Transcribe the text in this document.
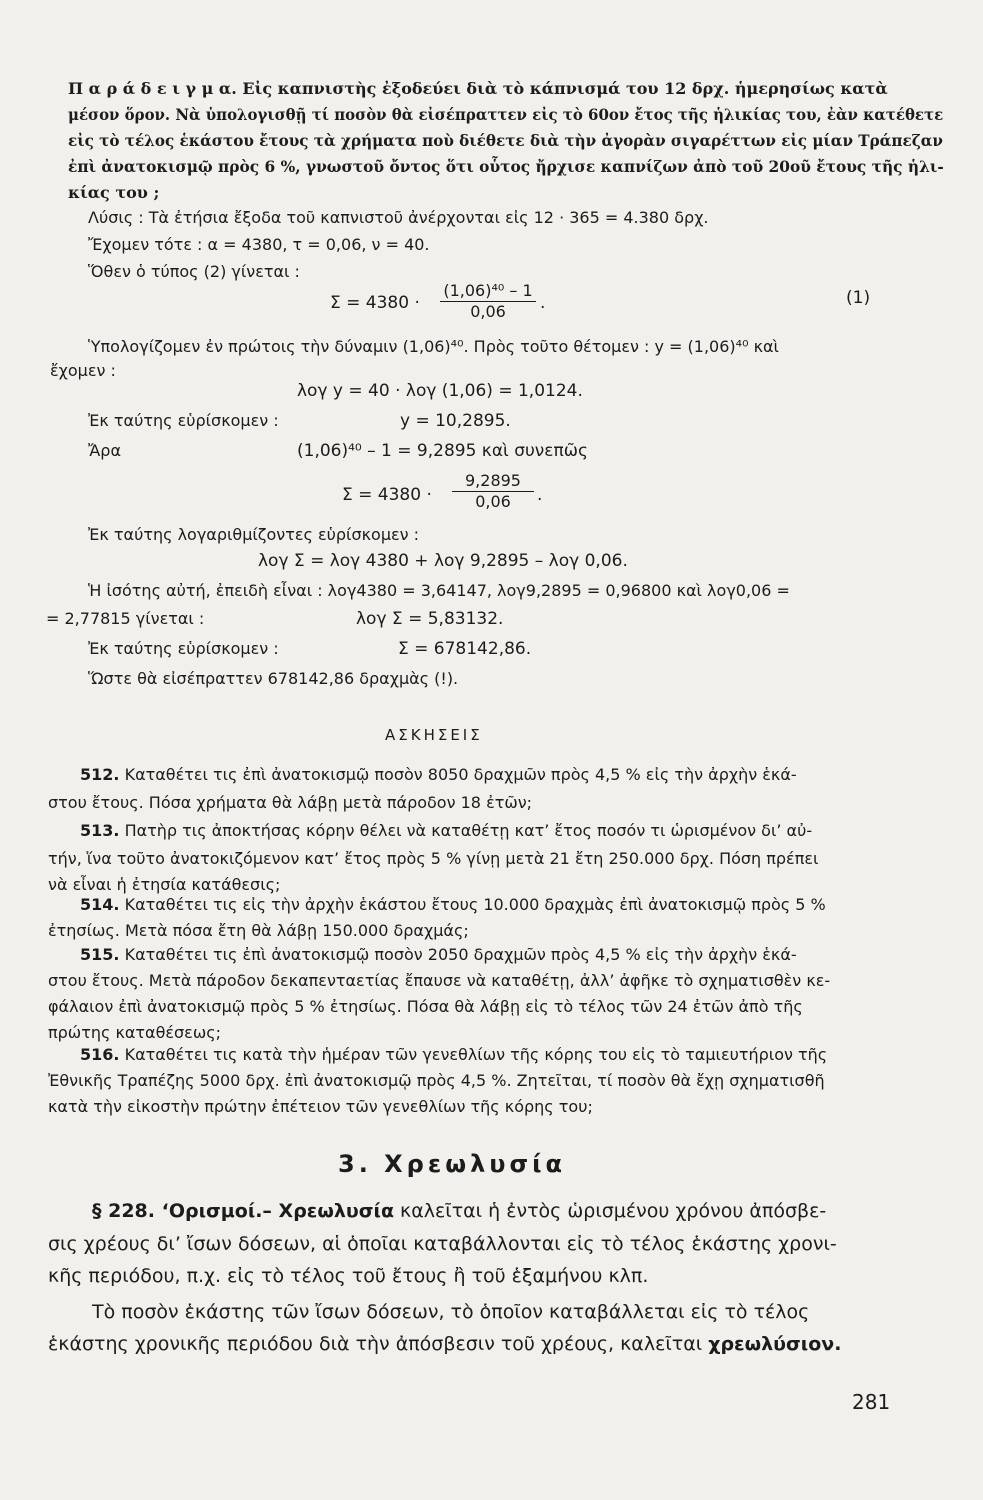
Π α ρ ά δ ε ι γ μ α. Εἰς καπνιστὴς ἐξοδεύει διὰ τὸ κάπνισμά του 12 δρχ. ἡμερησίως κατὰ
μέσον ὅρον. Νὰ ὑπολογισθῇ τί ποσὸν θὰ εἰσέπραττεν εἰς τὸ 60ον ἔτος τῆς ἡλικίας του, ἐὰν κατέθετε
εἰς τὸ τέλος ἑκάστου ἔτους τὰ χρήματα ποὺ διέθετε διὰ τὴν ἀγορὰν σιγαρέττων εἰς μίαν Τράπεζαν
ἐπὶ ἀνατοκισμῷ πρὸς 6 %, γνωστοῦ ὄντος ὅτι οὗτος ἤρχισε καπνίζων ἀπὸ τοῦ 20οῦ ἔτους τῆς ἡλι-
κίας του ;
Λύσις : Τὰ ἐτήσια ἔξοδα τοῦ καπνιστοῦ ἀνέρχονται εἰς 12 · 365 = 4.380 δρχ.
Ἔχομεν τότε : α = 4380, τ = 0,06, ν = 40.
Ὅθεν ὁ τύπος (2) γίνεται :
$\Sigma = 4380 \cdot \frac{\text{(1,06)⁴⁰ – 1}}{0,06}$ .	(1)
Ὑπολογίζομεν ἐν πρώτοις τὴν δύναμιν (1,06)⁴⁰. Πρὸς τοῦτο θέτομεν : y = (1,06)⁴⁰ καὶ
ἔχομεν :
λογ y = 40 · λογ (1,06) = 1,0124.
Ἐκ ταύτης εὑρίσκομεν :	y = 10,2895.
Ἄρα	(1,06)⁴⁰ – 1 = 9,2895 καὶ συνεπῶς
$\Sigma = 4380 \cdot \frac{9,2895}{0,06}$ .
Ἐκ ταύτης λογαριθμίζοντες εὑρίσκομεν :
λογ Σ = λογ 4380 + λογ 9,2895 – λογ 0,06.
Ἡ ἰσότης αὐτή, ἐπειδὴ εἶναι : λογ4380 = 3,64147, λογ9,2895 = 0,96800 καὶ λογ0,06 =
= 2,77815 γίνεται :	λογ Σ = 5,83132.
Ἐκ ταύτης εὑρίσκομεν :	Σ = 678142,86.
Ὥστε θὰ εἰσέπραττεν 678142,86 δραχμὰς (!).
ΑΣΚΗΣΕΙΣ
512. Καταθέτει τις ἐπὶ ἀνατοκισμῷ ποσὸν 8050 δραχμῶν πρὸς 4,5 % εἰς τὴν ἀρχὴν ἑκά-
στου ἔτους. Πόσα χρήματα θὰ λάβῃ μετὰ πάροδον 18 ἐτῶν;
513. Πατὴρ τις ἀποκτήσας κόρην θέλει νὰ καταθέτῃ κατ’ ἔτος ποσόν τι ὡρισμένον δι’ αὐ-
τήν, ἵνα τοῦτο ἀνατοκιζόμενον κατ’ ἔτος πρὸς 5 % γίνῃ μετὰ 21 ἔτη 250.000 δρχ. Πόση πρέπει
νὰ εἶναι ἡ ἐτησία κατάθεσις;
514. Καταθέτει τις εἰς τὴν ἀρχὴν ἑκάστου ἔτους 10.000 δραχμὰς ἐπὶ ἀνατοκισμῷ πρὸς 5 %
ἐτησίως. Μετὰ πόσα ἔτη θὰ λάβῃ 150.000 δραχμάς;
515. Καταθέτει τις ἐπὶ ἀνατοκισμῷ ποσὸν 2050 δραχμῶν πρὸς 4,5 % εἰς τὴν ἀρχὴν ἑκά-
στου ἔτους. Μετὰ πάροδον δεκαπενταετίας ἔπαυσε νὰ καταθέτῃ, ἀλλ’ ἀφῆκε τὸ σχηματισθὲν κε-
φάλαιον ἐπὶ ἀνατοκισμῷ πρὸς 5 % ἐτησίως. Πόσα θὰ λάβῃ εἰς τὸ τέλος τῶν 24 ἐτῶν ἀπὸ τῆς
πρώτης καταθέσεως;
516. Καταθέτει τις κατὰ τὴν ἡμέραν τῶν γενεθλίων τῆς κόρης του εἰς τὸ ταμιευτήριον τῆς
Ἐθνικῆς Τραπέζης 5000 δρχ. ἐπὶ ἀνατοκισμῷ πρὸς 4,5 %. Ζητεῖται, τί ποσὸν θὰ ἔχῃ σχηματισθῆ
κατὰ τὴν εἰκοστὴν πρώτην ἐπέτειον τῶν γενεθλίων τῆς κόρης του;
3. Χρεωλυσία
§ 228. ‘Ορισμοί.– Χρεωλυσία καλεῖται ἡ ἐντὸς ὡρισμένου χρόνου ἀπόσβε-
σις χρέους δι’ ἴσων δόσεων, αἱ ὁποῖαι καταβάλλονται εἰς τὸ τέλος ἑκάστης χρονι-
κῆς περιόδου, π.χ. εἰς τὸ τέλος τοῦ ἔτους ἢ τοῦ ἑξαμήνου κλπ.
Τὸ ποσὸν ἑκάστης τῶν ἴσων δόσεων, τὸ ὁποῖον καταβάλλεται εἰς τὸ τέλος
ἑκάστης χρονικῆς περιόδου διὰ τὴν ἀπόσβεσιν τοῦ χρέους, καλεῖται χρεωλύσιον.
281
